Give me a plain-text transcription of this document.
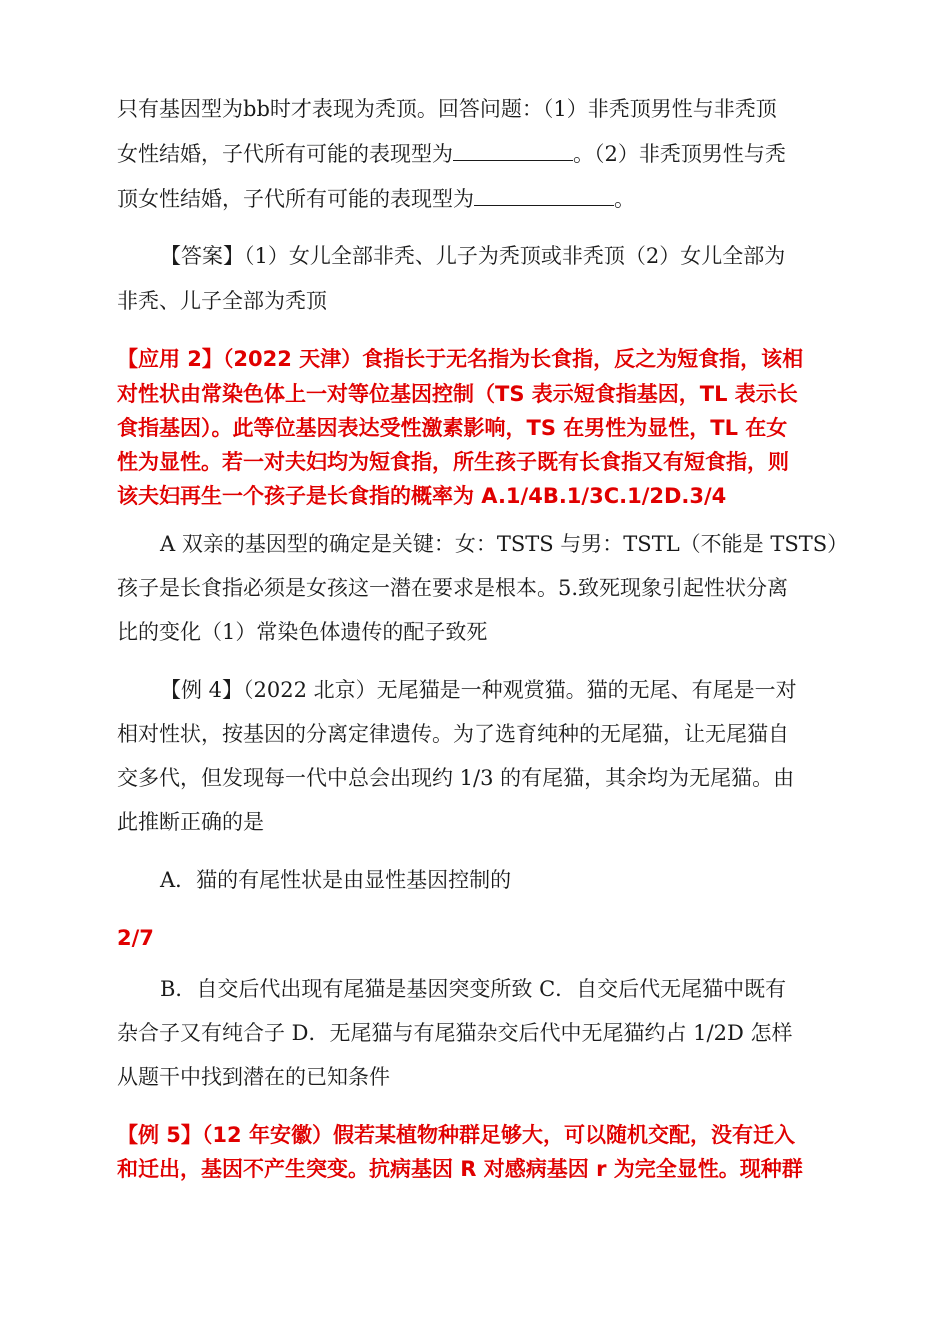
只有基因型为bb时才表现为秃顶。回答问题：（1）非秃顶男性与非秃顶
女性结婚，子代所有可能的表现型为	。（2）非秃顶男性与秃
顶女性结婚，子代所有可能的表现型为	。
【答案】（1）女儿全部非秃、儿子为秃顶或非秃顶（2）女儿全部为
非秃、儿子全部为秃顶
【应用 2】（2022 天津）食指长于无名指为长食指，反之为短食指，该相
对性状由常染色体上一对等位基因控制（TS 表示短食指基因，TL 表示长
食指基因）。此等位基因表达受性激素影响，TS 在男性为显性，TL 在女
性为显性。若一对夫妇均为短食指，所生孩子既有长食指又有短食指，则
该夫妇再生一个孩子是长食指的概率为 A.1/4B.1/3C.1/2D.3/4
A 双亲的基因型的确定是关键：女：TSTS 与男：TSTL（不能是 TSTS）
孩子是长食指必须是女孩这一潜在要求是根本。5.致死现象引起性状分离
比的变化（1）常染色体遗传的配子致死
【例 4】（2022 北京）无尾猫是一种观赏猫。猫的无尾、有尾是一对
相对性状，按基因的分离定律遗传。为了选育纯种的无尾猫，让无尾猫自
交多代，但发现每一代中总会出现约 1/3 的有尾猫，其余均为无尾猫。由
此推断正确的是
A．猫的有尾性状是由显性基因控制的
2/7
B．自交后代出现有尾猫是基因突变所致 C．自交后代无尾猫中既有
杂合子又有纯合子 D．无尾猫与有尾猫杂交后代中无尾猫约占 1/2D 怎样
从题干中找到潜在的已知条件
【例 5】（12 年安徽）假若某植物种群足够大，可以随机交配，没有迁入
和迁出，基因不产生突变。抗病基因 R 对感病基因 r 为完全显性。现种群
